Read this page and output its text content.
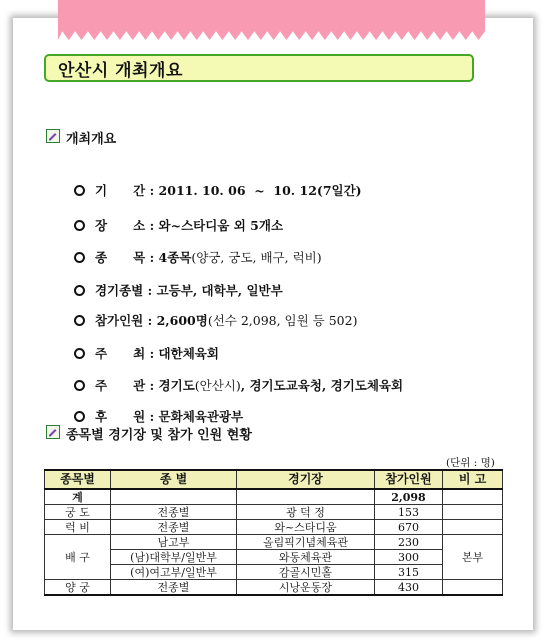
안산시 개최개요
개최개요

기      간 : 2011. 10. 06  ~  10. 12(7일간)

장      소 : 와~스타디움 외 5개소

종      목 : 4종목(양궁, 궁도, 배구, 럭비)

경기종별 : 고등부, 대학부, 일반부

참가인원 : 2,600명(선수 2,098, 임원 등 502)

주      최 : 대한체육회

주      관 : 경기도(안산시), 경기도교육청, 경기도체육회

후      원 : 문화체육관광부

종목별 경기장 및 참가 인원 현황
(단위 : 명)
종목별	종 별	경기장	참가인원	비 고
계			2,098	
궁 도	전종별	광 덕 정	153	
럭 비	전종별	와~스타디움	670	
배 구	남고부	올림픽기념체육관	230	본부
	(남)대학부/일반부	와동체육관	300	
	(여)여고부/일반부	감골시민홀	315	
양 궁	전종별	시낭운동장	430	
